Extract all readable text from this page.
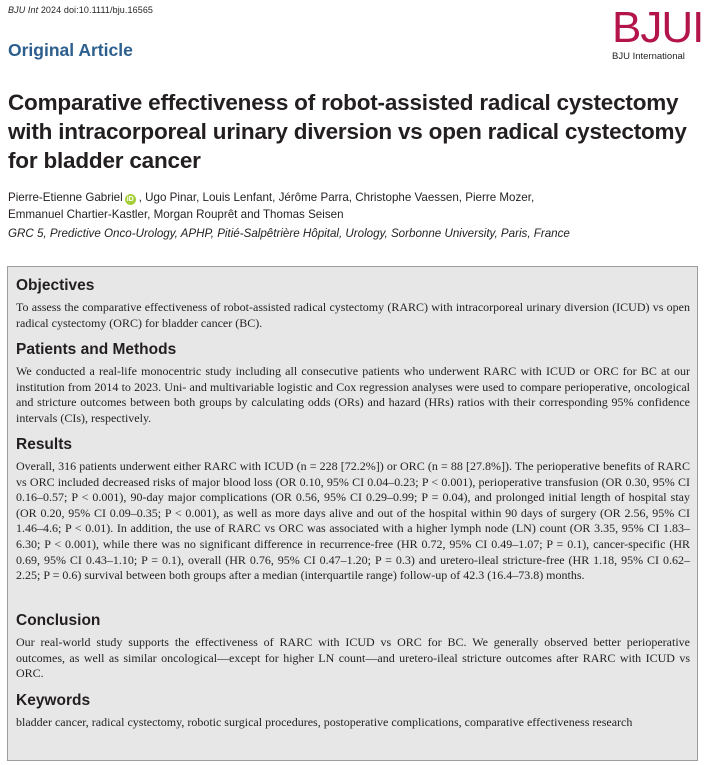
BJU Int 2024 doi:10.1111/bju.16565	BJUI
BJU International
Original Article
Comparative effectiveness of robot-assisted radical cystectomy with intracorporeal urinary diversion vs open radical cystectomy for bladder cancer
Pierre-Etienne Gabriel iD , Ugo Pinar, Louis Lenfant, Jérôme Parra, Christophe Vaessen, Pierre Mozer,
Emmanuel Chartier-Kastler, Morgan Rouprêt and Thomas Seisen
GRC 5, Predictive Onco-Urology, APHP, Pitié-Salpêtrière Hôpital, Urology, Sorbonne University, Paris, France
Objectives

To assess the comparative effectiveness of robot-assisted radical cystectomy (RARC) with intracorporeal urinary diversion (ICUD) vs open radical cystectomy (ORC) for bladder cancer (BC).

Patients and Methods

We conducted a real-life monocentric study including all consecutive patients who underwent RARC with ICUD or ORC for BC at our institution from 2014 to 2023. Uni- and multivariable logistic and Cox regression analyses were used to compare perioperative, oncological and stricture outcomes between both groups by calculating odds (ORs) and hazard (HRs) ratios with their corresponding 95% confidence intervals (CIs), respectively.

Results

Overall, 316 patients underwent either RARC with ICUD (n = 228 [72.2%]) or ORC (n = 88 [27.8%]). The perioperative benefits of RARC vs ORC included decreased risks of major blood loss (OR 0.10, 95% CI 0.04–0.23; P < 0.001), perioperative transfusion (OR 0.30, 95% CI 0.16–0.57; P < 0.001), 90-day major complications (OR 0.56, 95% CI 0.29–0.99; P = 0.04), and prolonged initial length of hospital stay (OR 0.20, 95% CI 0.09–0.35; P < 0.001), as well as more days alive and out of the hospital within 90 days of surgery (OR 2.56, 95% CI 1.46–4.6; P < 0.01). In addition, the use of RARC vs ORC was associated with a higher lymph node (LN) count (OR 3.35, 95% CI 1.83–6.30; P < 0.001), while there was no significant difference in recurrence-free (HR 0.72, 95% CI 0.49–1.07; P = 0.1), cancer-specific (HR 0.69, 95% CI 0.43–1.10; P = 0.1), overall (HR 0.76, 95% CI 0.47–1.20; P = 0.3) and uretero-ileal stricture-free (HR 1.18, 95% CI 0.62–2.25; P = 0.6) survival between both groups after a median (interquartile range) follow-up of 42.3 (16.4–73.8) months.

Conclusion

Our real-world study supports the effectiveness of RARC with ICUD vs ORC for BC. We generally observed better perioperative outcomes, as well as similar oncological—except for higher LN count—and uretero-ileal stricture outcomes after RARC with ICUD vs ORC.

Keywords

bladder cancer, radical cystectomy, robotic surgical procedures, postoperative complications, comparative effectiveness research
